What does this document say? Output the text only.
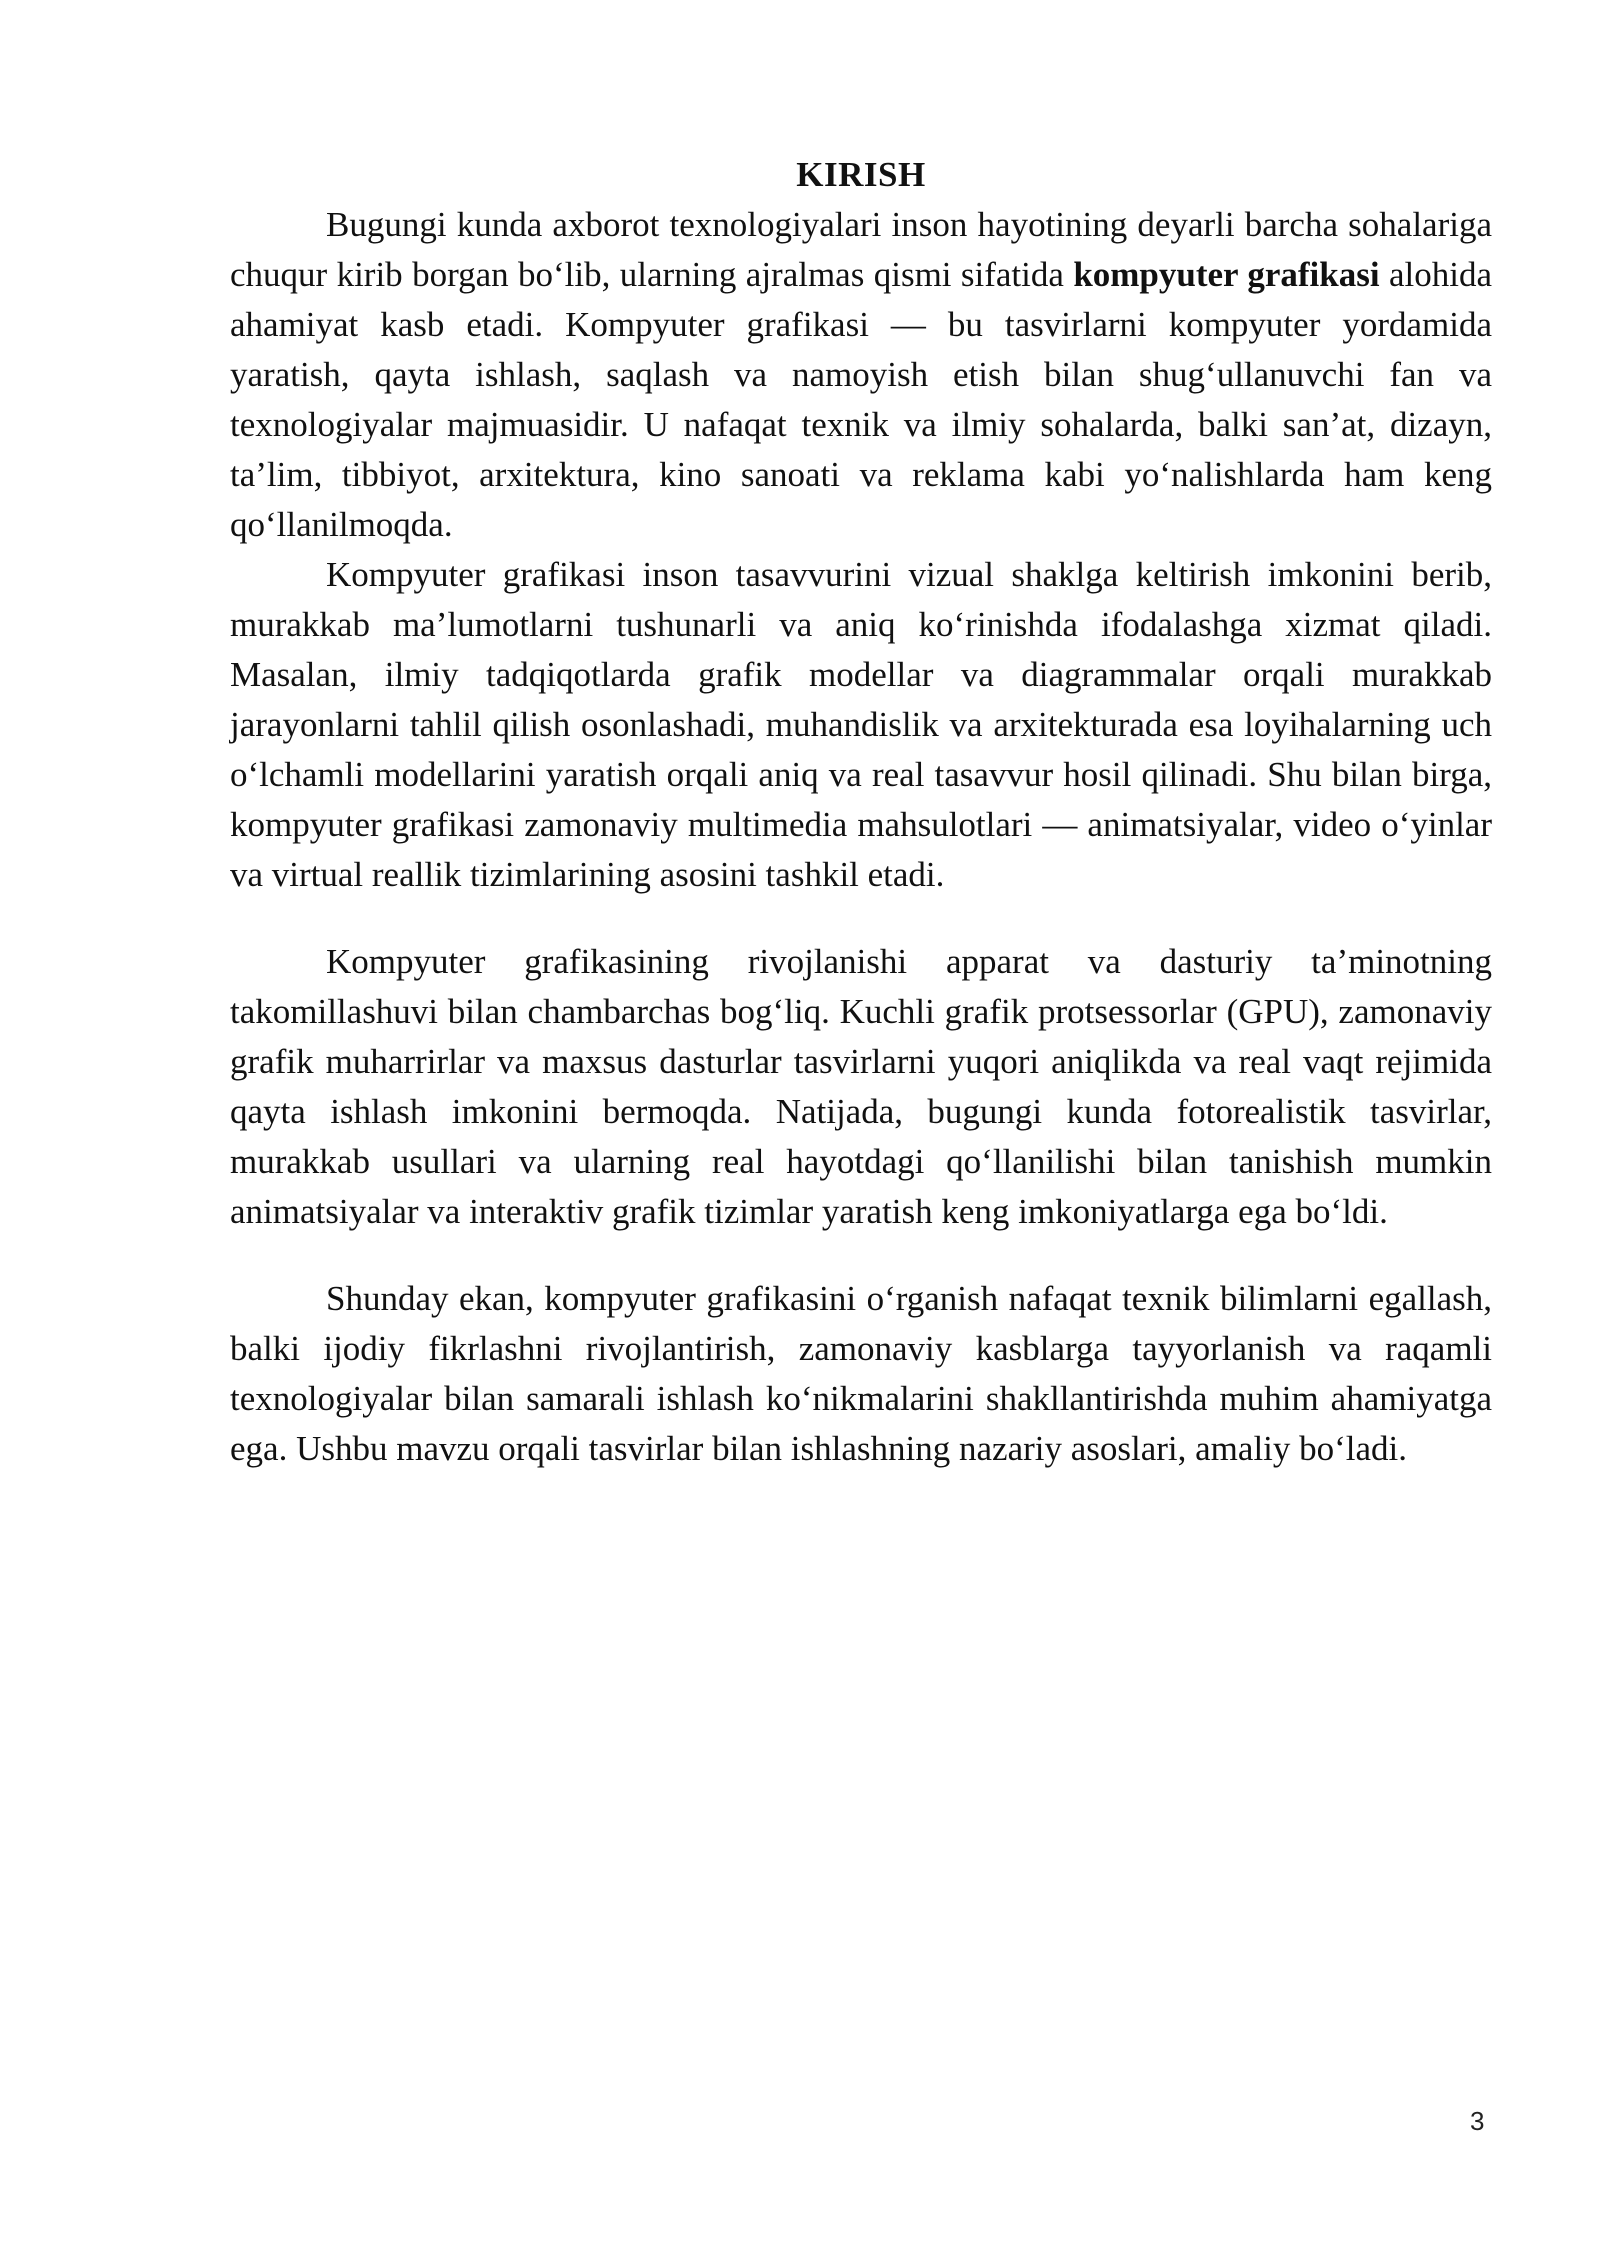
KIRISH

Bugungi kunda axborot texnologiyalari inson hayotining deyarli barcha sohalariga chuqur kirib borgan bo‘lib, ularning ajralmas qismi sifatida kompyuter grafikasi alohida ahamiyat kasb etadi. Kompyuter grafikasi — bu tasvirlarni kompyuter yordamida yaratish, qayta ishlash, saqlash va namoyish etish bilan shug‘ullanuvchi fan va texnologiyalar majmuasidir. U nafaqat texnik va ilmiy sohalarda, balki san’at, dizayn, ta’lim, tibbiyot, arxitektura, kino sanoati va reklama kabi yo‘nalishlarda ham keng qo‘llanilmoqda.

Kompyuter grafikasi inson tasavvurini vizual shaklga keltirish imkonini berib, murakkab ma’lumotlarni tushunarli va aniq ko‘rinishda ifodalashga xizmat qiladi. Masalan, ilmiy tadqiqotlarda grafik modellar va diagrammalar orqali murakkab jarayonlarni tahlil qilish osonlashadi, muhandislik va arxitekturada esa loyihalarning uch o‘lchamli modellarini yaratish orqali aniq va real tasavvur hosil qilinadi. Shu bilan birga, kompyuter grafikasi zamonaviy multimedia mahsulotlari — animatsiyalar, video o‘yinlar va virtual reallik tizimlarining asosini tashkil etadi.

Kompyuter grafikasining rivojlanishi apparat va dasturiy ta’minotning takomillashuvi bilan chambarchas bog‘liq. Kuchli grafik protsessorlar (GPU), zamonaviy grafik muharrirlar va maxsus dasturlar tasvirlarni yuqori aniqlikda va real vaqt rejimida qayta ishlash imkonini bermoqda. Natijada, bugungi kunda fotorealistik tasvirlar, murakkab usullari va ularning real hayotdagi qo‘llanilishi bilan tanishish mumkin animatsiyalar va interaktiv grafik tizimlar yaratish keng imkoniyatlarga ega bo‘ldi.

Shunday ekan, kompyuter grafikasini o‘rganish nafaqat texnik bilimlarni egallash, balki ijodiy fikrlashni rivojlantirish, zamonaviy kasblarga tayyorlanish va raqamli texnologiyalar bilan samarali ishlash ko‘nikmalarini shakllantirishda muhim ahamiyatga ega. Ushbu mavzu orqali tasvirlar bilan ishlashning nazariy asoslari, amaliy bo‘ladi.

3
